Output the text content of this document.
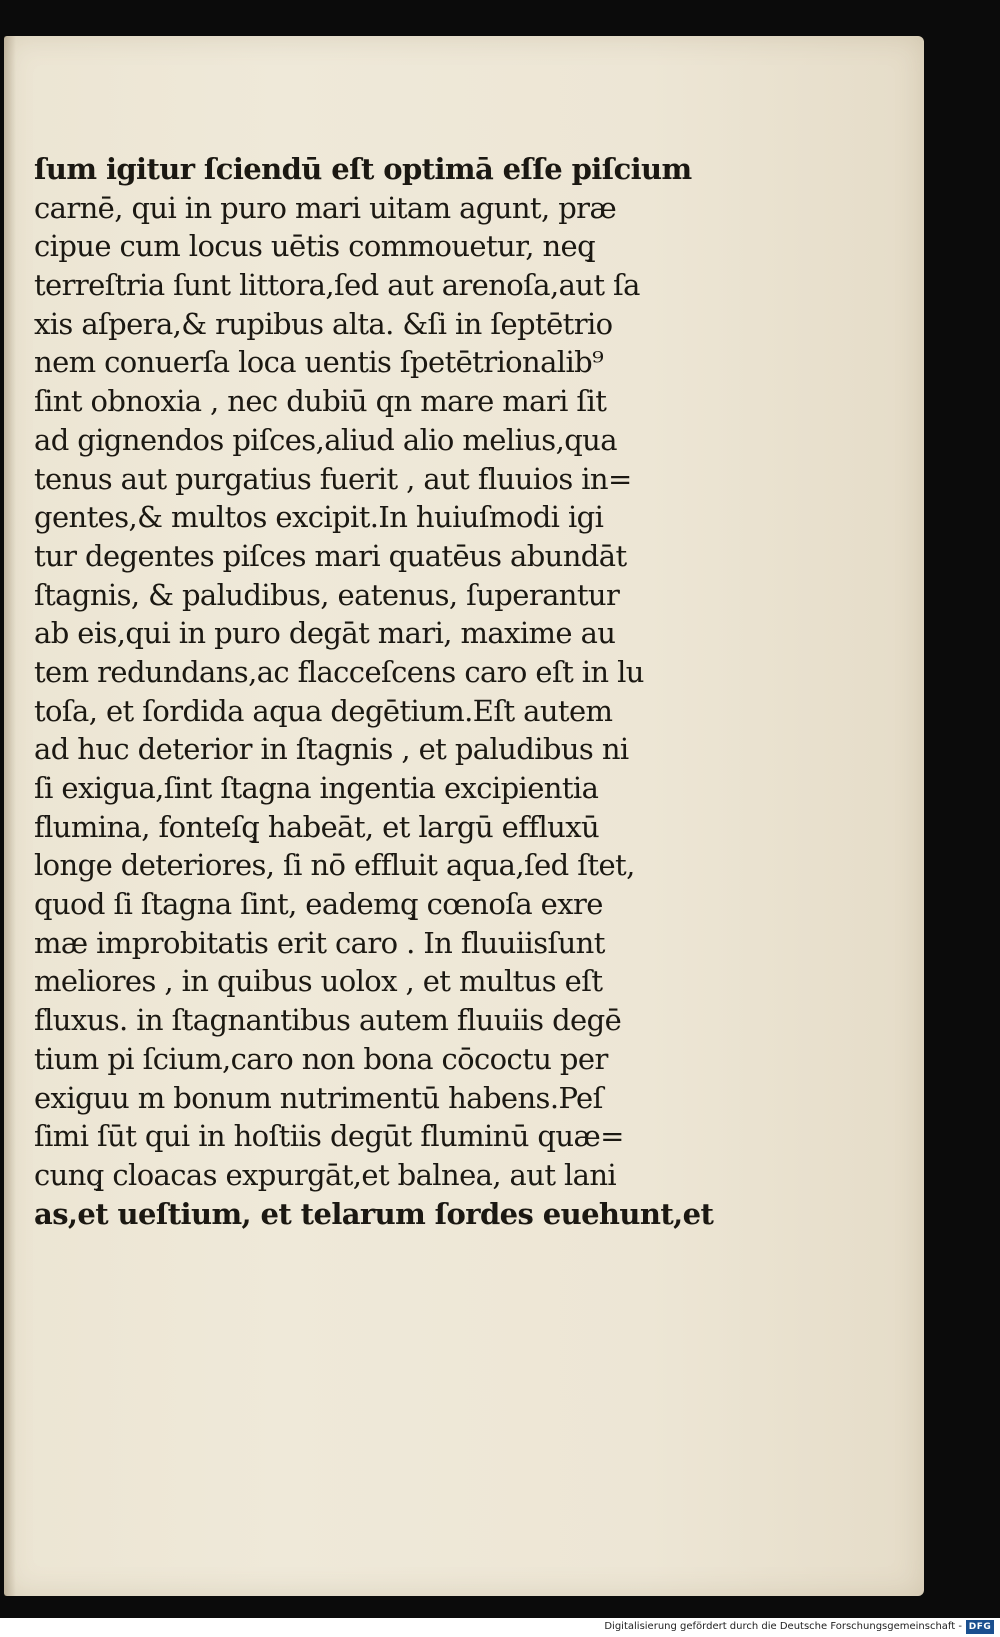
ſum igitur ſciendū eſt optimā eſſe piſcium
carnē, qui in puro mari uitam agunt, præ
cipue cum locus uētis commouetur, neq̧
terreſtria ſunt littora,ſed aut arenoſa,aut ſa
xis aſpera,& rupibus alta. &ſi in ſeptētrio
nem conuerſa loca uentis ſpetētrionalib⁹
ſint obnoxia , nec dubiū qn mare mari ſit
ad gignendos piſces,aliud alio melius,qua
tenus aut purgatius fuerit , aut fluuios in=
gentes,& multos excipit.In huiuſmodi igi
tur degentes piſces mari quatēus abundāt
ſtagnis, & paludibus, eatenus, ſuperantur
ab eis,qui in puro degāt mari, maxime au
tem redundans,ac flacceſcens caro eſt in lu
toſa, et ſordida aqua degētium.Eſt autem
ad huc deterior in ſtagnis , et paludibus ni
ſi exigua,ſint ſtagna ingentia excipientia
flumina, fonteſq̧ habeāt, et largū effluxū
longe deteriores, ſi nō effluit aqua,ſed ſtet,
quod ſi ſtagna ſint, eademq̧ cœnoſa exre
mæ improbitatis erit caro . In fluuiisſunt
meliores , in quibus uolox , et multus eſt
fluxus. in ſtagnantibus autem fluuiis degē
tium pi ſcium,caro non bona cōcoctu per
exiguu m bonum nutrimentū habens.Peſ
ſimi ſūt qui in hoſtiis degūt fluminū quæ=
cunq̧ cloacas expurgāt,et balnea, aut lani
as,et ueſtium, et telarum ſordes euehunt,et
Digitalisierung gefördert durch die Deutsche Forschungsgemeinschaft - DFG
